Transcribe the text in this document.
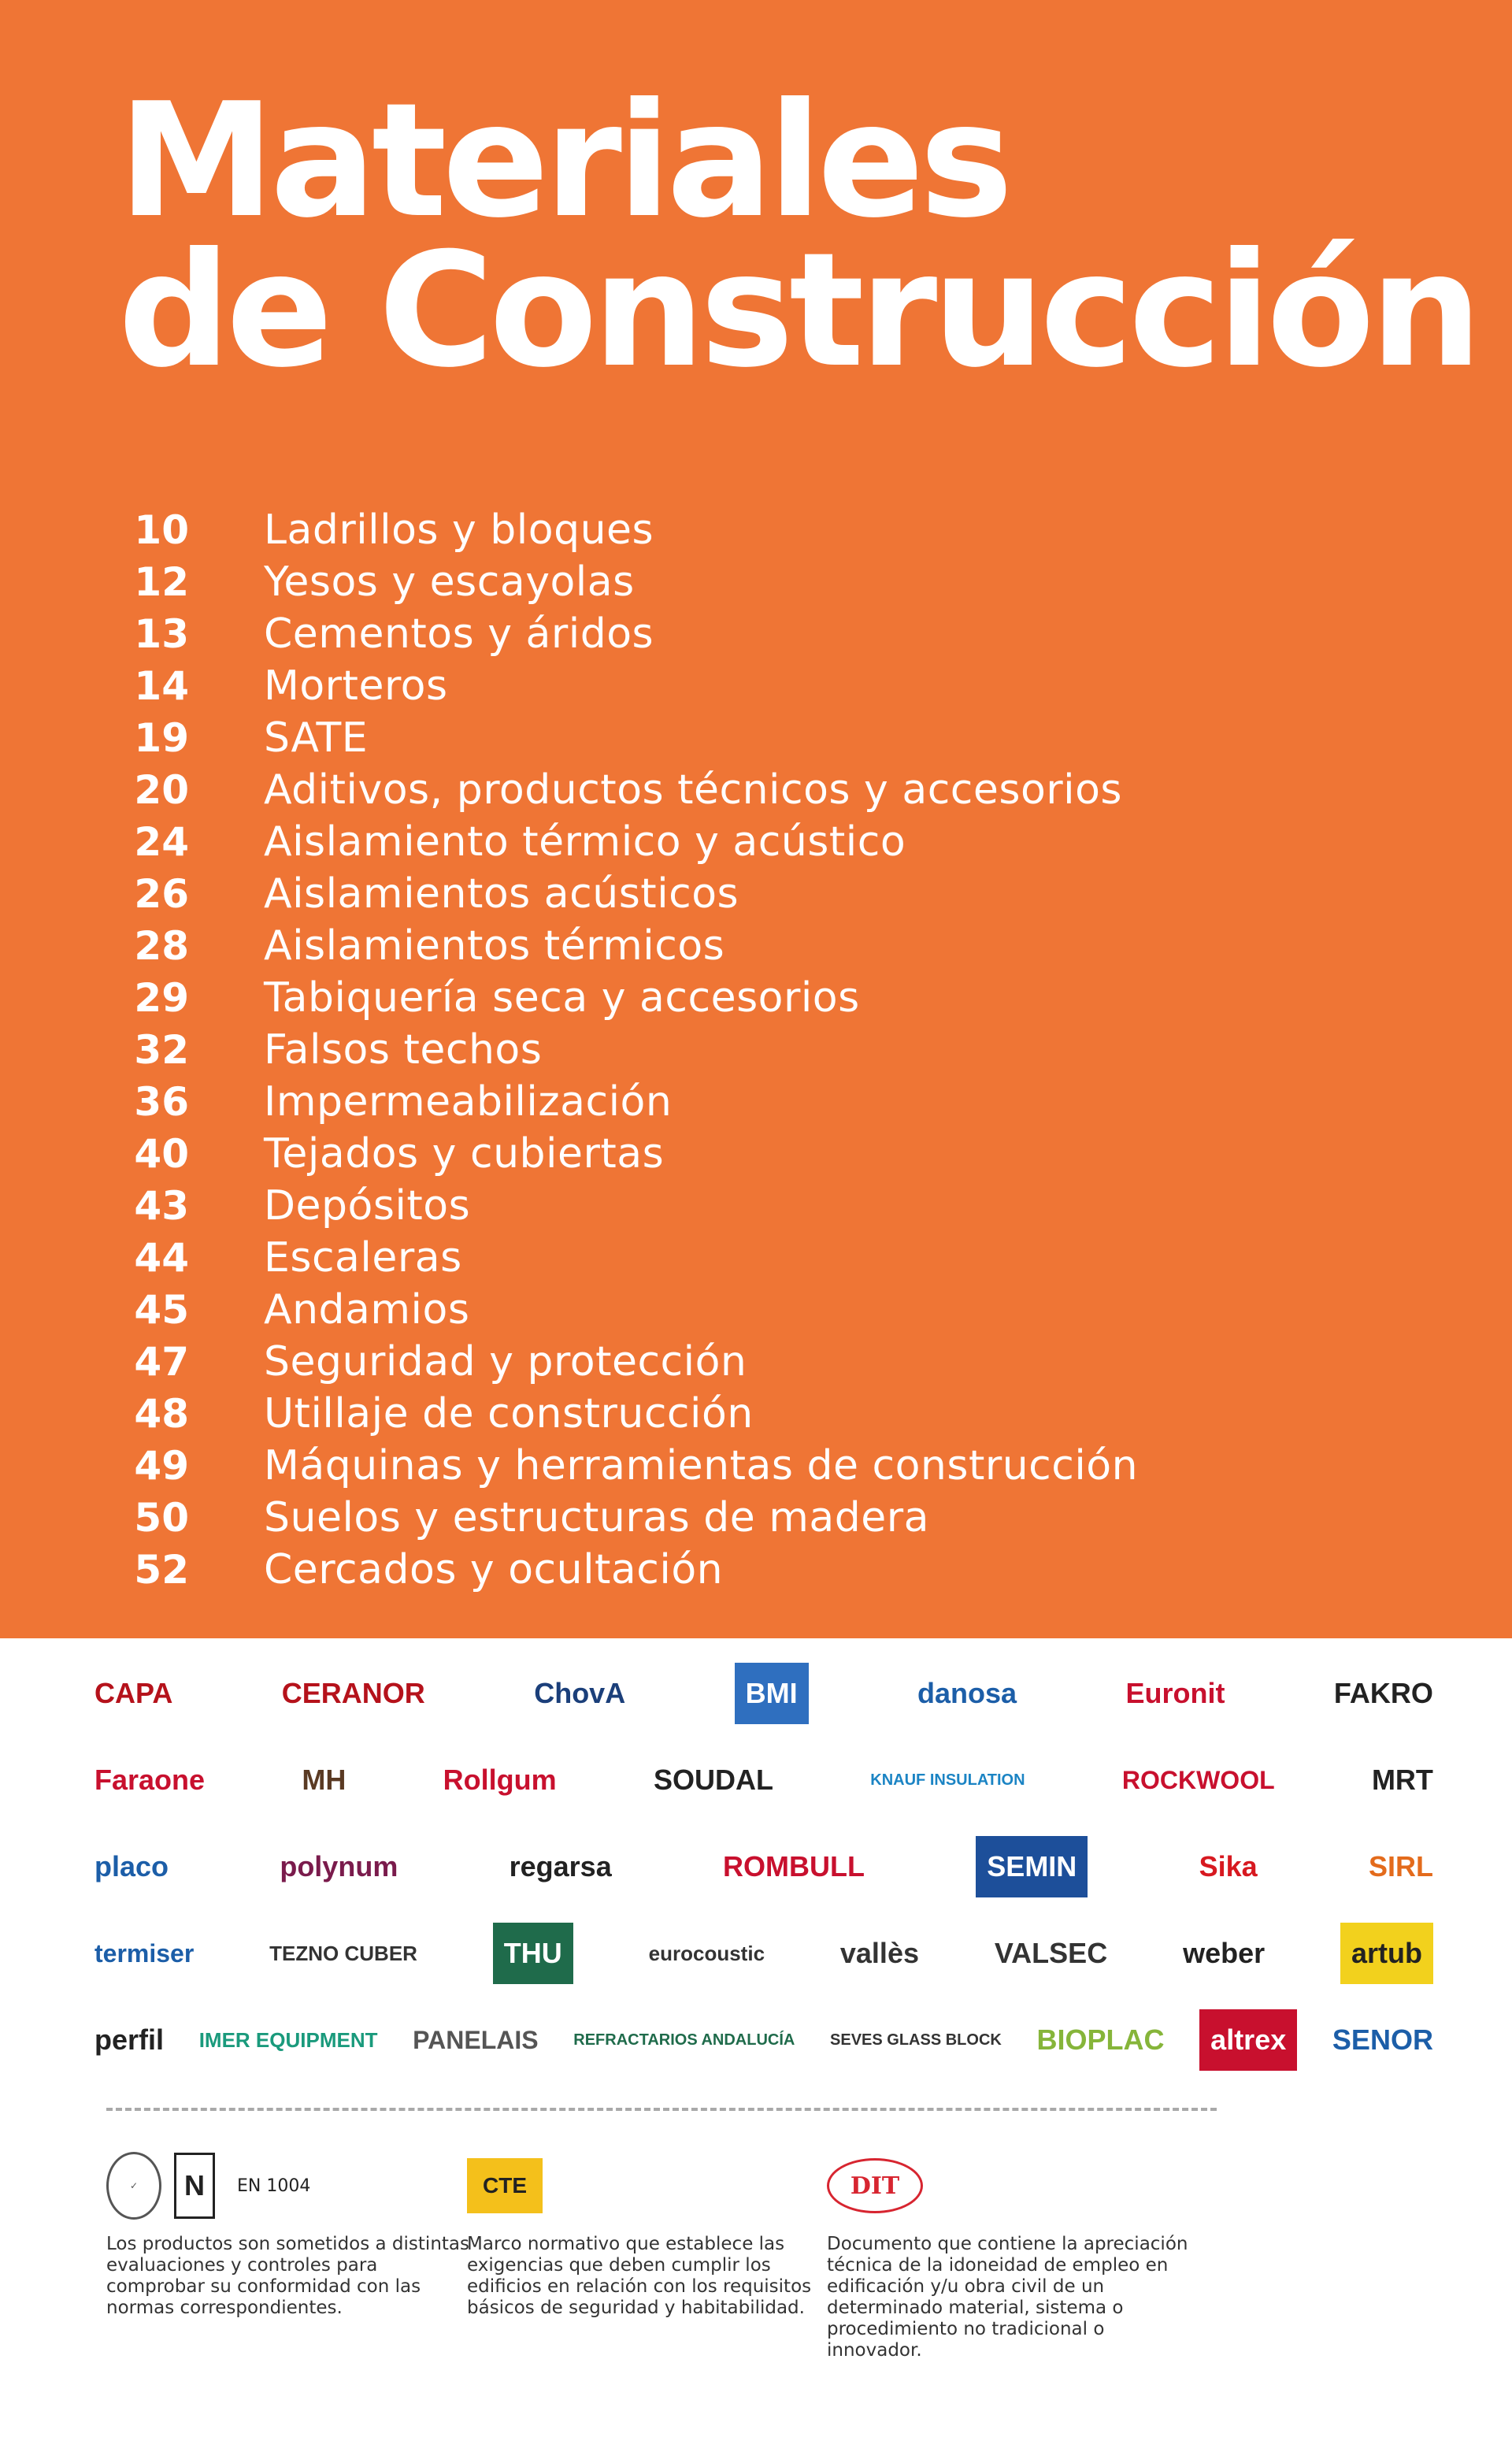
Materiales
de Construcción
10 Ladrillos y bloques
12 Yesos y escayolas
13 Cementos y áridos
14 Morteros
19 SATE
20 Aditivos, productos técnicos y accesorios
24 Aislamiento térmico y acústico
26 Aislamientos acústicos
28 Aislamientos térmicos
29 Tabiquería seca y accesorios
32 Falsos techos
36 Impermeabilización
40 Tejados y cubiertas
43 Depósitos
44 Escaleras
45 Andamios
47 Seguridad y protección
48 Utillaje de construcción
49 Máquinas y herramientas de construcción
50 Suelos y estructuras de madera
52 Cercados y ocultación
CAPA	CERANOR	ChovA	BMI	danosa	Euronit	FAKRO
Faraone	MH	Rollgum	SOUDAL	KNAUF INSULATION	ROCKWOOL	MRT
placo	polynum	regarsa	ROMBULL	SEMIN	Sika	SIRL
termiser	TEZNO CUBER	THU	eurocoustic	vallès	VALSEC	weber	artub
perfil IMER EQUIPMENT PANELAIS REFRACTARIOS ANDALUCÍA SEVES GLASS BLOCK BIOPLAC	altrex	SENOR
✓	N	EN 1004
Los productos son sometidos a distintas evaluaciones y controles para comprobar su conformidad con las normas correspondientes.
CTE
Marco normativo que establece las exigencias que deben cumplir los edificios en relación con los requisitos básicos de seguridad y habitabilidad.
DIT
Documento que contiene la apreciación técnica de la idoneidad de empleo en edificación y/u obra civil de un determinado material, sistema o procedimiento no tradicional o innovador.
